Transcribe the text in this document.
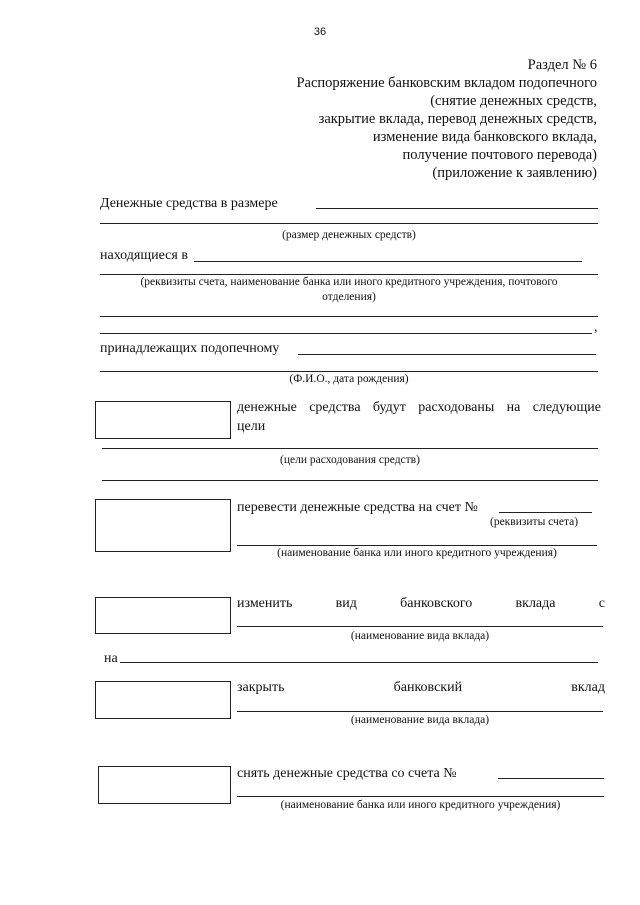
36
Раздел № 6
Распоряжение банковским вкладом подопечного
(снятие денежных средств,
закрытие вклада, перевод денежных средств,
изменение вида банковского вклада,
получение почтового перевода)
(приложение к заявлению)
Денежные средства в размере
(размер денежных средств)
находящиеся в
(реквизиты счета, наименование банка или иного кредитного учреждения, почтового
отделения)
,
принадлежащих подопечному
(Ф.И.О., дата рождения)
денежные средства будут расходованы на следующие
цели
(цели расходования средств)
перевести денежные средства на счет №
(реквизиты счета)
(наименование банка или иного кредитного учреждения)
изменить	вид	банковского	вклада	с
(наименование вида вклада)
на
закрыть	банковский	вклад
(наименование вида вклада)
снять денежные средства со счета №
(наименование банка или иного кредитного учреждения)
